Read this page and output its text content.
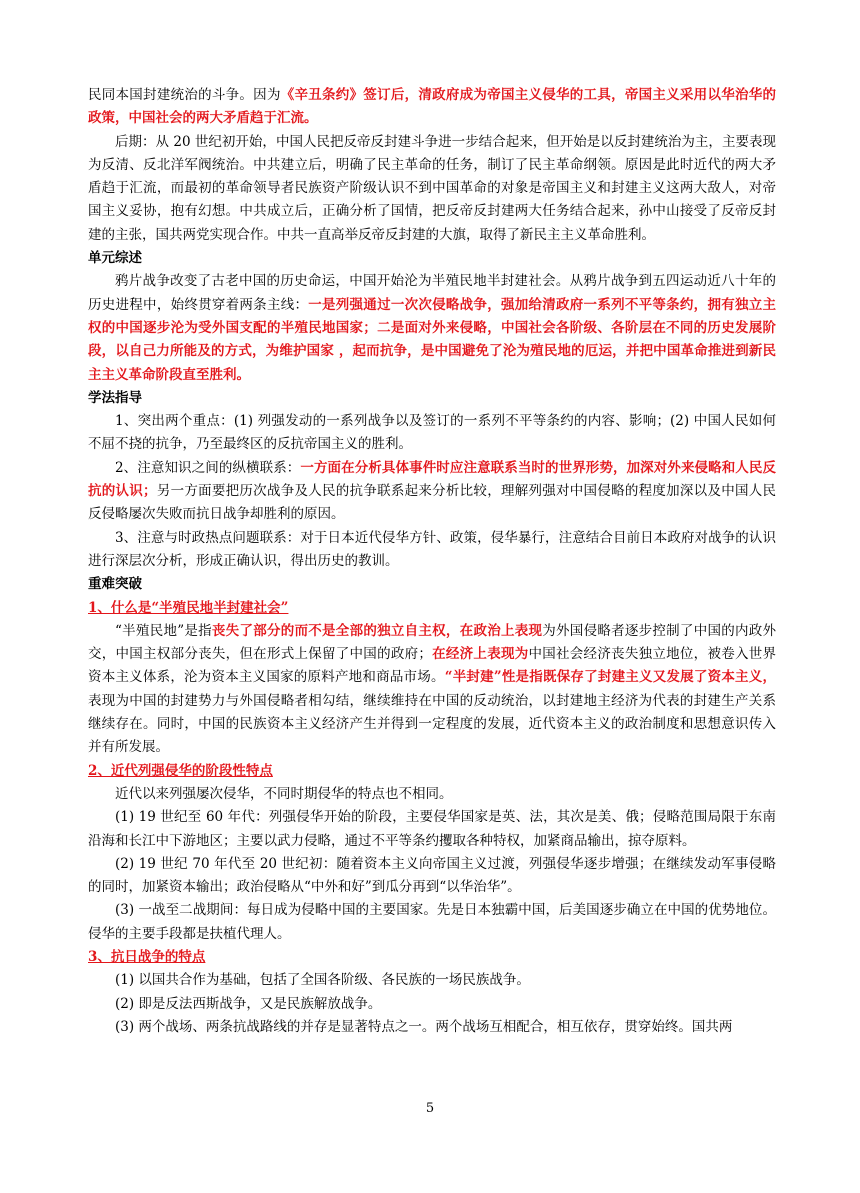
民同本国封建统治的斗争。因为《辛丑条约》签订后，清政府成为帝国主义侵华的工具，帝国主义采用以华治华的政策，中国社会的两大矛盾趋于汇流。

后期：从 20 世纪初开始，中国人民把反帝反封建斗争进一步结合起来，但开始是以反封建统治为主，主要表现为反清、反北洋军阀统治。中共建立后，明确了民主革命的任务，制订了民主革命纲领。原因是此时近代的两大矛盾趋于汇流，而最初的革命领导者民族资产阶级认识不到中国革命的对象是帝国主义和封建主义这两大敌人，对帝国主义妥协，抱有幻想。中共成立后，正确分析了国情，把反帝反封建两大任务结合起来，孙中山接受了反帝反封建的主张，国共两党实现合作。中共一直高举反帝反封建的大旗，取得了新民主主义革命胜利。

单元综述

鸦片战争改变了古老中国的历史命运，中国开始沦为半殖民地半封建社会。从鸦片战争到五四运动近八十年的历史进程中，始终贯穿着两条主线：一是列强通过一次次侵略战争，强加给清政府一系列不平等条约，拥有独立主权的中国逐步沦为受外国支配的半殖民地国家；二是面对外来侵略，中国社会各阶级、各阶层在不同的历史发展阶段，以自己力所能及的方式，为维护国家 ，起而抗争，是中国避免了沦为殖民地的厄运，并把中国革命推进到新民主主义革命阶段直至胜利。

学法指导

1、突出两个重点：(1) 列强发动的一系列战争以及签订的一系列不平等条约的内容、影响；(2) 中国人民如何不屈不挠的抗争，乃至最终区的反抗帝国主义的胜利。

2、注意知识之间的纵横联系：一方面在分析具体事件时应注意联系当时的世界形势，加深对外来侵略和人民反抗的认识；另一方面要把历次战争及人民的抗争联系起来分析比较，理解列强对中国侵略的程度加深以及中国人民反侵略屡次失败而抗日战争却胜利的原因。

3、注意与时政热点问题联系：对于日本近代侵华方针、政策，侵华暴行，注意结合目前日本政府对战争的认识进行深层次分析，形成正确认识，得出历史的教训。

重难突破

1、什么是“半殖民地半封建社会”

“半殖民地”是指丧失了部分的而不是全部的独立自主权，在政治上表现为外国侵略者逐步控制了中国的内政外交，中国主权部分丧失，但在形式上保留了中国的政府；在经济上表现为中国社会经济丧失独立地位，被卷入世界资本主义体系，沦为资本主义国家的原料产地和商品市场。“半封建”性是指既保存了封建主义又发展了资本主义，表现为中国的封建势力与外国侵略者相勾结，继续维持在中国的反动统治，以封建地主经济为代表的封建生产关系继续存在。同时，中国的民族资本主义经济产生并得到一定程度的发展，近代资本主义的政治制度和思想意识传入并有所发展。

2、近代列强侵华的阶段性特点

近代以来列强屡次侵华，不同时期侵华的特点也不相同。

(1) 19 世纪至 60 年代：列强侵华开始的阶段，主要侵华国家是英、法，其次是美、俄；侵略范围局限于东南沿海和长江中下游地区；主要以武力侵略，通过不平等条约攫取各种特权，加紧商品输出，掠夺原料。

(2) 19 世纪 70 年代至 20 世纪初：随着资本主义向帝国主义过渡，列强侵华逐步增强；在继续发动军事侵略的同时，加紧资本输出；政治侵略从“中外和好”到瓜分再到“以华治华”。

(3) 一战至二战期间：每日成为侵略中国的主要国家。先是日本独霸中国，后美国逐步确立在中国的优势地位。侵华的主要手段都是扶植代理人。

3、抗日战争的特点

(1) 以国共合作为基础，包括了全国各阶级、各民族的一场民族战争。

(2) 即是反法西斯战争，又是民族解放战争。

(3) 两个战场、两条抗战路线的并存是显著特点之一。两个战场互相配合，相互依存，贯穿始终。国共两

5
